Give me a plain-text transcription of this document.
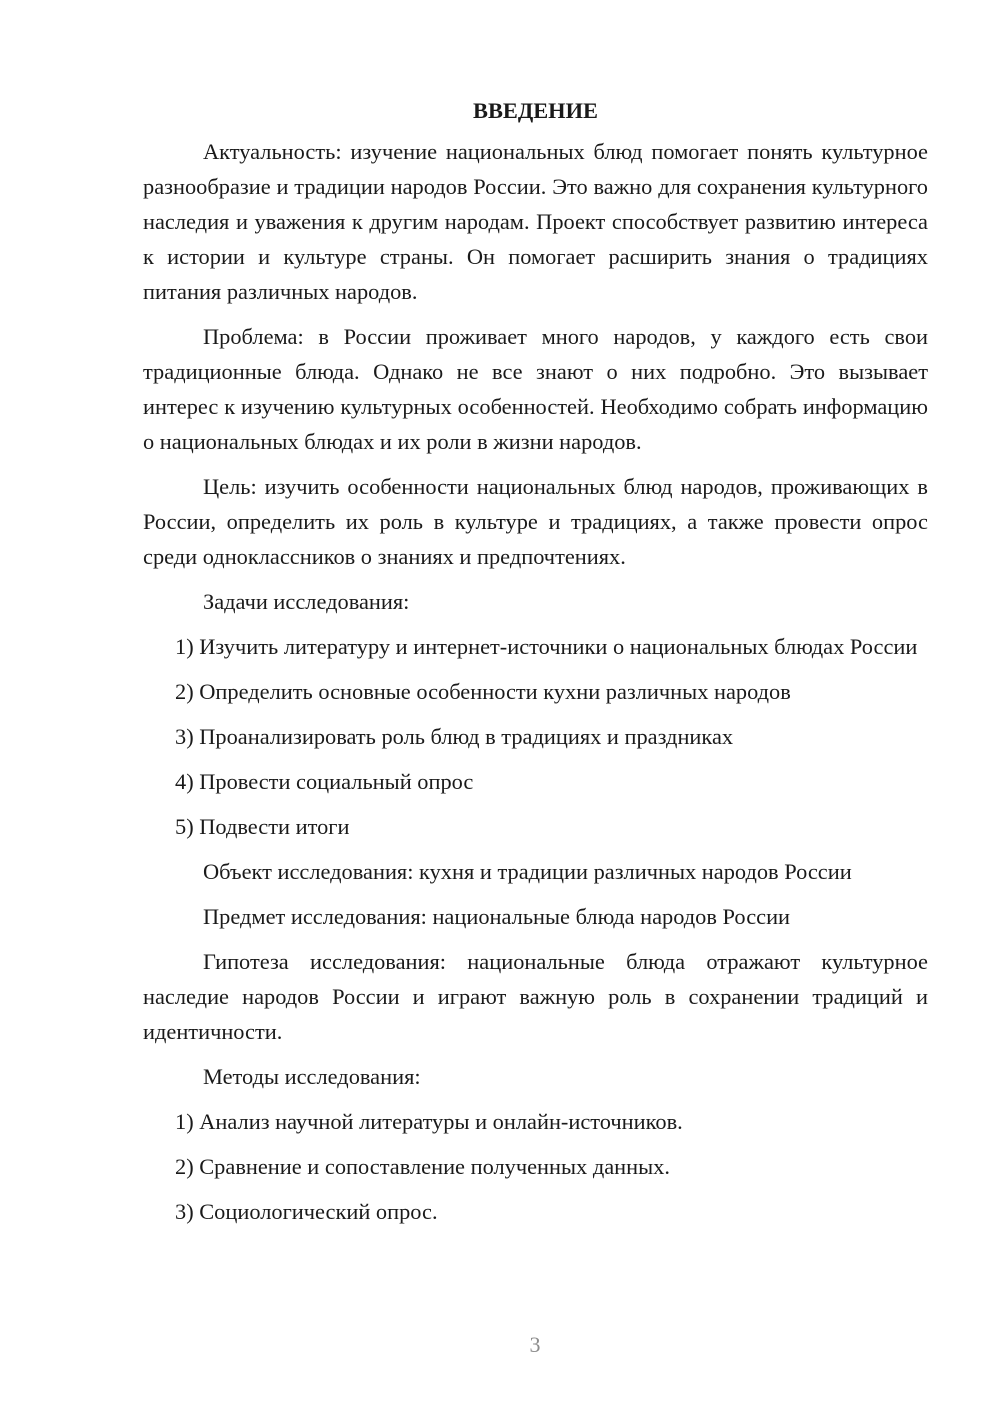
ВВЕДЕНИЕ

Актуальность: изучение национальных блюд помогает понять культурное разнообразие и традиции народов России. Это важно для сохранения культурного наследия и уважения к другим народам. Проект способствует развитию интереса к истории и культуре страны. Он помогает расширить знания о традициях питания различных народов.

Проблема: в России проживает много народов, у каждого есть свои традиционные блюда. Однако не все знают о них подробно. Это вызывает интерес к изучению культурных особенностей. Необходимо собрать информацию о национальных блюдах и их роли в жизни народов.

Цель: изучить особенности национальных блюд народов, проживающих в России, определить их роль в культуре и традициях, а также провести опрос среди одноклассников о знаниях и предпочтениях.

Задачи исследования:

1) Изучить литературу и интернет-источники о национальных блюдах России

2) Определить основные особенности кухни различных народов

3) Проанализировать роль блюд в традициях и праздниках

4) Провести социальный опрос

5) Подвести итоги

Объект исследования: кухня и традиции различных народов России

Предмет исследования: национальные блюда народов России

Гипотеза исследования: национальные блюда отражают культурное наследие народов России и играют важную роль в сохранении традиций и идентичности.

Методы исследования:

1) Анализ научной литературы и онлайн-источников.

2) Сравнение и сопоставление полученных данных.

3) Социологический опрос.

3
